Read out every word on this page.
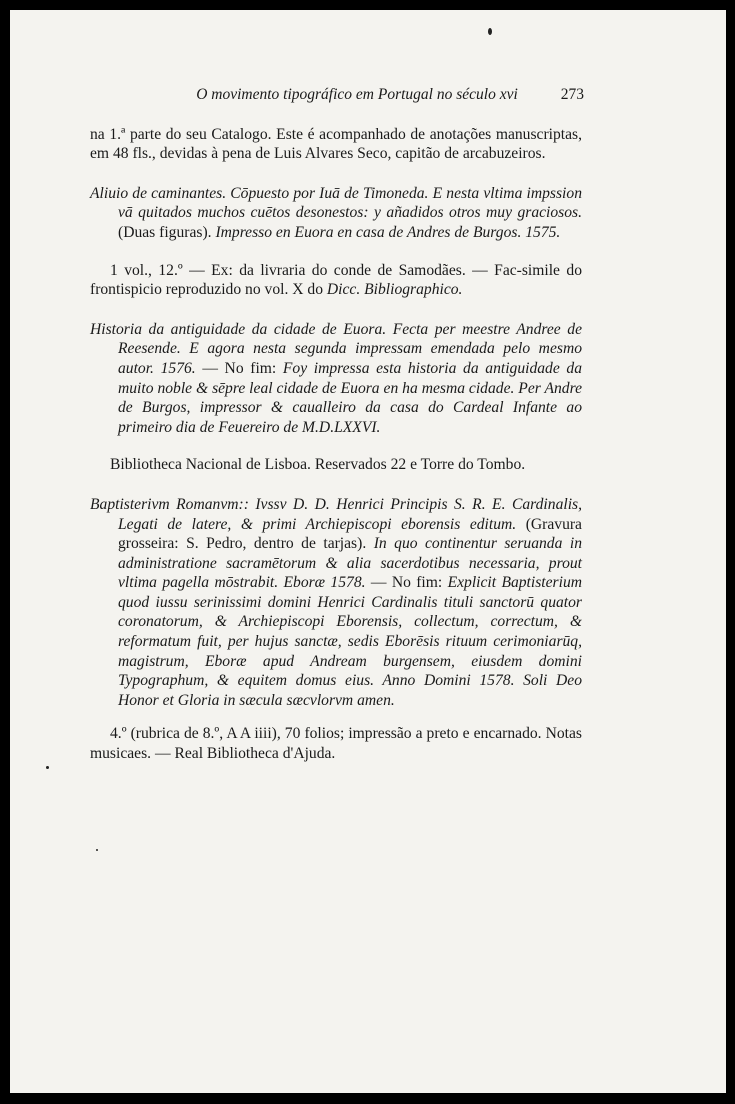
O movimento tipográfico em Portugal no século xvi	273

na 1.ª parte do seu Catalogo. Este é acompanhado de anotações manuscriptas, em 48 fls., devidas à pena de Luis Alvares Seco, capitão de arcabuzeiros.

Aliuio de caminantes. Cōpuesto por Iuā de Timoneda. E nesta vltima impssion vā quitados muchos cuētos desonestos: y añadidos otros muy graciosos. (Duas figuras). Impresso en Euora en casa de Andres de Burgos. 1575.

1 vol., 12.º — Ex: da livraria do conde de Samodães. — Fac-simile do frontispicio reproduzido no vol. X do Dicc. Bibliographico.

Historia da antiguidade da cidade de Euora. Fecta per meestre Andree de Reesende. E agora nesta segunda impressam emendada pelo mesmo autor. 1576. — No fim: Foy impressa esta historia da antiguidade da muito noble & sēpre leal cidade de Euora en ha mesma cidade. Per Andre de Burgos, impressor & caualleiro da casa do Cardeal Infante ao primeiro dia de Feuereiro de M.D.LXXVI.

Bibliotheca Nacional de Lisboa. Reservados 22 e Torre do Tombo.

Baptisterivm Romanvm:: Ivssv D. D. Henrici Principis S. R. E. Cardinalis, Legati de latere, & primi Archiepiscopi eborensis editum. (Gravura grosseira: S. Pedro, dentro de tarjas). In quo continentur seruanda in administratione sacramētorum & alia sacerdotibus necessaria, prout vltima pagella mōstrabit. Eboræ 1578. — No fim: Explicit Baptisterium quod iussu serinissimi domini Henrici Cardinalis tituli sanctorū quator coronatorum, & Archiepiscopi Eborensis, collectum, correctum, & reformatum fuit, per hujus sanctæ, sedis Eborēsis rituum cerimoniarūq, magistrum, Eboræ apud Andream burgensem, eiusdem domini Typographum, & equitem domus eius. Anno Domini 1578. Soli Deo Honor et Gloria in sæcula sæcvlorvm amen.

4.º (rubrica de 8.º, A A iiii), 70 folios; impressão a preto e encarnado. Notas musicaes. — Real Bibliotheca d'Ajuda.
